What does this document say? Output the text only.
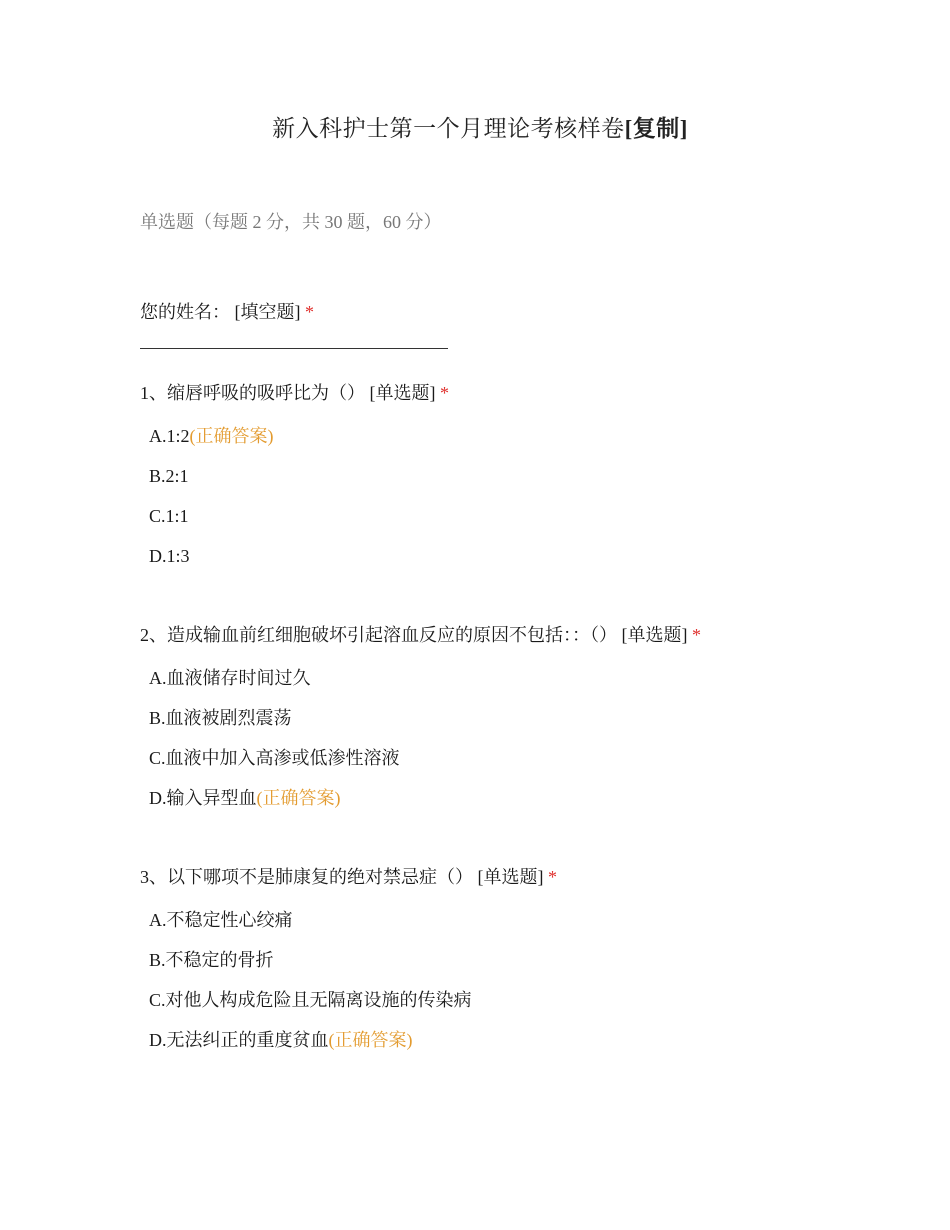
新入科护士第一个月理论考核样卷[复制]
单选题（每题 2 分，共 30 题，60 分）
您的姓名： [填空题] *
1、缩唇呼吸的吸呼比为（） [单选题] *
A.1:2(正确答案)
B.2:1
C.1:1
D.1:3
2、造成输血前红细胞破坏引起溶血反应的原因不包括：：（） [单选题] *
A.血液储存时间过久
B.血液被剧烈震荡
C.血液中加入高渗或低渗性溶液
D.输入异型血(正确答案)
3、以下哪项不是肺康复的绝对禁忌症（） [单选题] *
A.不稳定性心绞痛
B.不稳定的骨折
C.对他人构成危险且无隔离设施的传染病
D.无法纠正的重度贫血(正确答案)
